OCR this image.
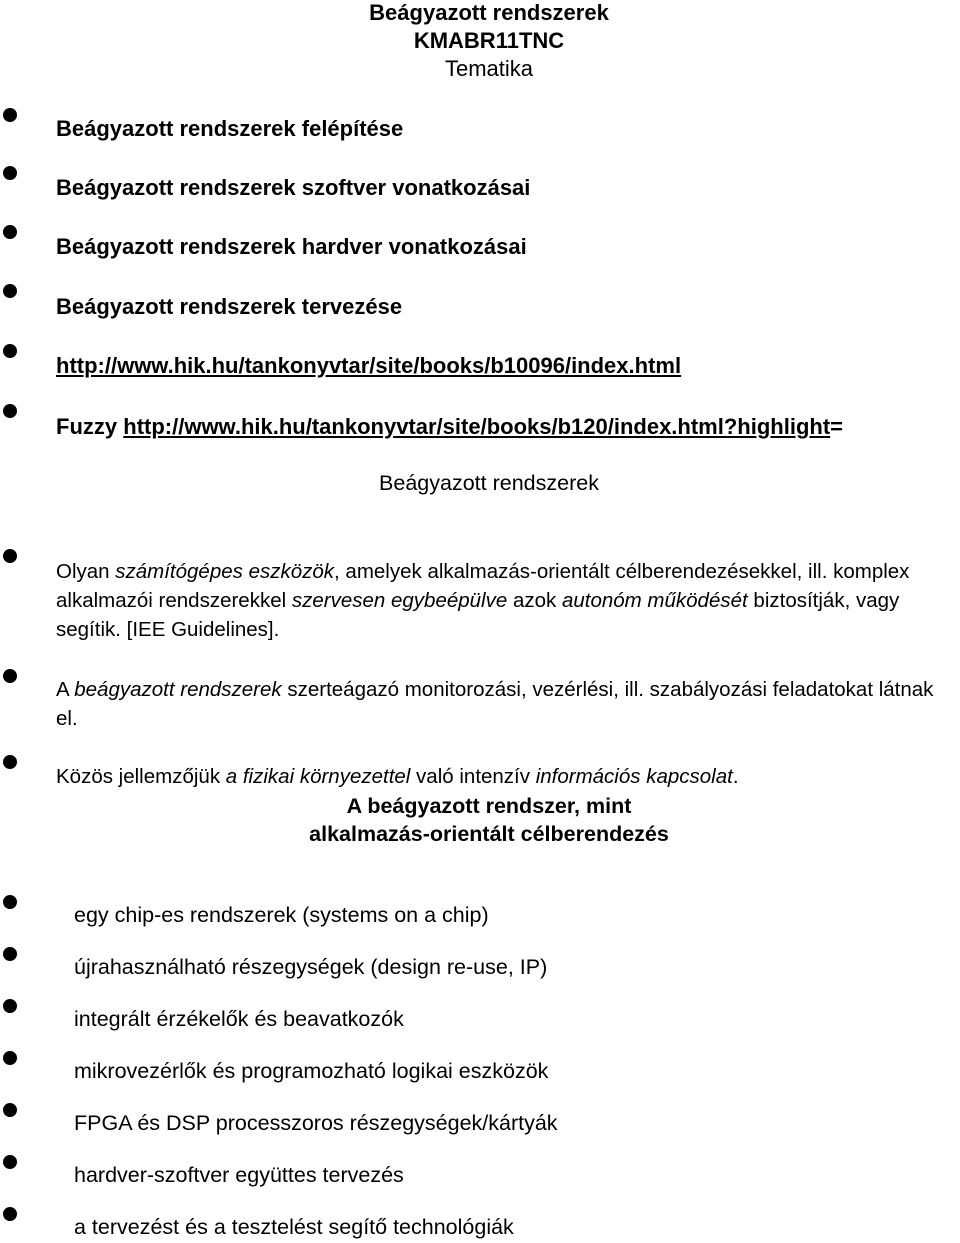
Beágyazott rendszerek
KMABR11TNC
Tematika
Beágyazott rendszerek felépítése
Beágyazott rendszerek szoftver vonatkozásai
Beágyazott rendszerek hardver vonatkozásai
Beágyazott rendszerek tervezése
http://www.hik.hu/tankonyvtar/site/books/b10096/index.html
Fuzzy http://www.hik.hu/tankonyvtar/site/books/b120/index.html?highlight=
Beágyazott rendszerek
Olyan számítógépes eszközök, amelyek alkalmazás-orientált célberendezésekkel, ill. komplex alkalmazói rendszerekkel szervesen egybeépülve azok autonóm működését biztosítják, vagy segítik. [IEE Guidelines].
A beágyazott rendszerek szerteágazó monitorozási, vezérlési, ill. szabályozási feladatokat látnak el.
Közös jellemzőjük a fizikai környezettel való intenzív információs kapcsolat.
A beágyazott rendszer, mint
alkalmazás-orientált célberendezés
egy chip-es rendszerek (systems on a chip)
újrahasználható részegységek (design re-use, IP)
integrált érzékelők és beavatkozók
mikrovezérlők és programozható logikai eszközök
FPGA és DSP processzoros részegységek/kártyák
hardver-szoftver együttes tervezés
a tervezést és a tesztelést segítő technológiák
